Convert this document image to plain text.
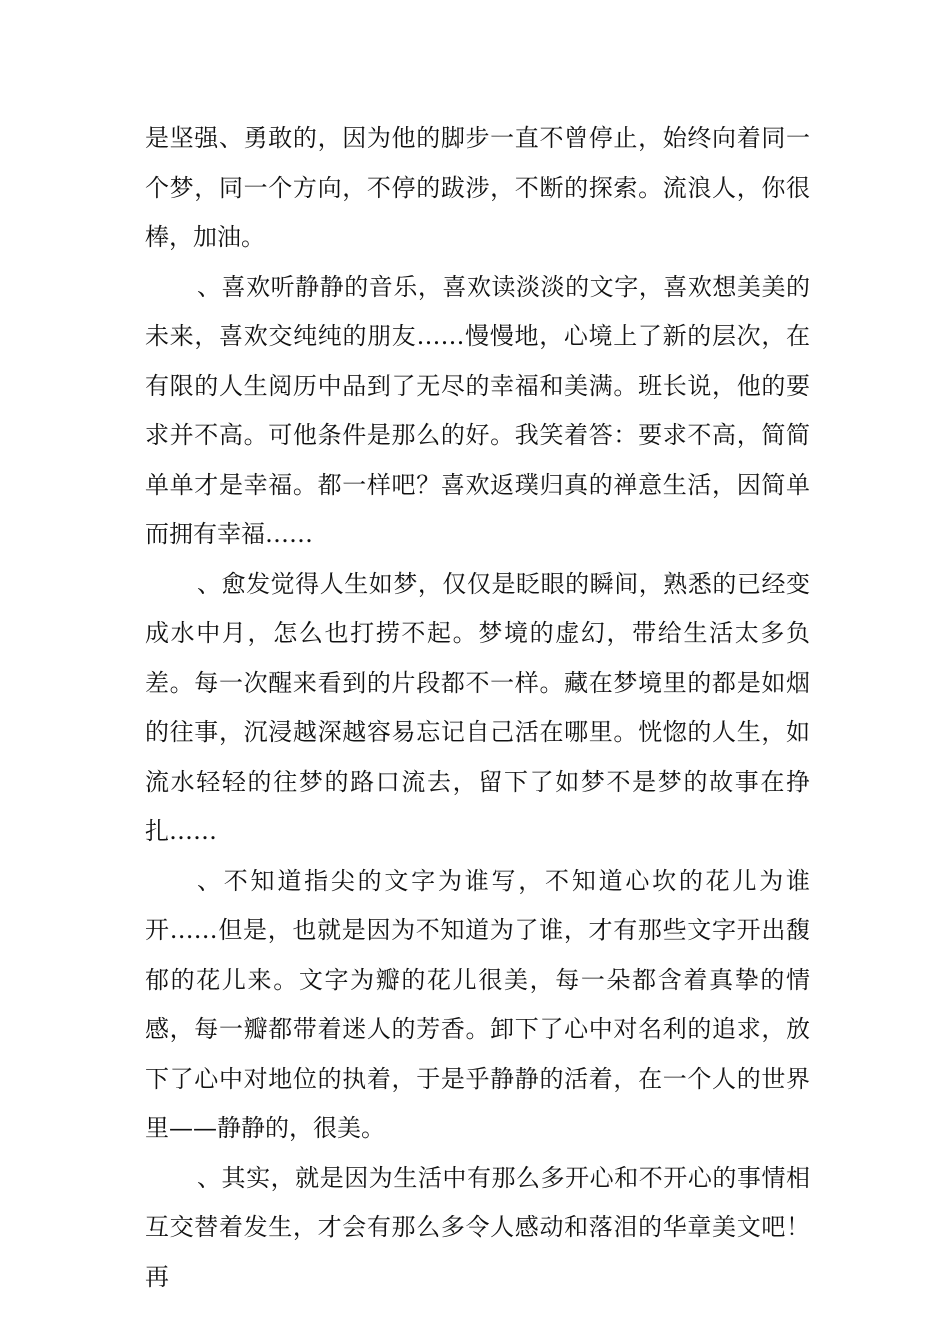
是坚强、勇敢的，因为他的脚步一直不曾停止，始终向着同一个梦，同一个方向，不停的跋涉，不断的探索。流浪人，你很棒，加油。

、喜欢听静静的音乐，喜欢读淡淡的文字，喜欢想美美的未来，喜欢交纯纯的朋友……慢慢地，心境上了新的层次，在有限的人生阅历中品到了无尽的幸福和美满。班长说，他的要求并不高。可他条件是那么的好。我笑着答：要求不高，简简单单才是幸福。都一样吧？喜欢返璞归真的禅意生活，因简单而拥有幸福……

、愈发觉得人生如梦，仅仅是眨眼的瞬间，熟悉的已经变成水中月，怎么也打捞不起。梦境的虚幻，带给生活太多负差。每一次醒来看到的片段都不一样。藏在梦境里的都是如烟的往事，沉浸越深越容易忘记自己活在哪里。恍惚的人生，如流水轻轻的往梦的路口流去，留下了如梦不是梦的故事在挣扎……

、不知道指尖的文字为谁写，不知道心坎的花儿为谁开……但是，也就是因为不知道为了谁，才有那些文字开出馥郁的花儿来。文字为瓣的花儿很美，每一朵都含着真挚的情感，每一瓣都带着迷人的芳香。卸下了心中对名利的追求，放下了心中对地位的执着，于是乎静静的活着，在一个人的世界里——静静的，很美。

、其实，就是因为生活中有那么多开心和不开心的事情相互交替着发生，才会有那么多令人感动和落泪的华章美文吧！再
